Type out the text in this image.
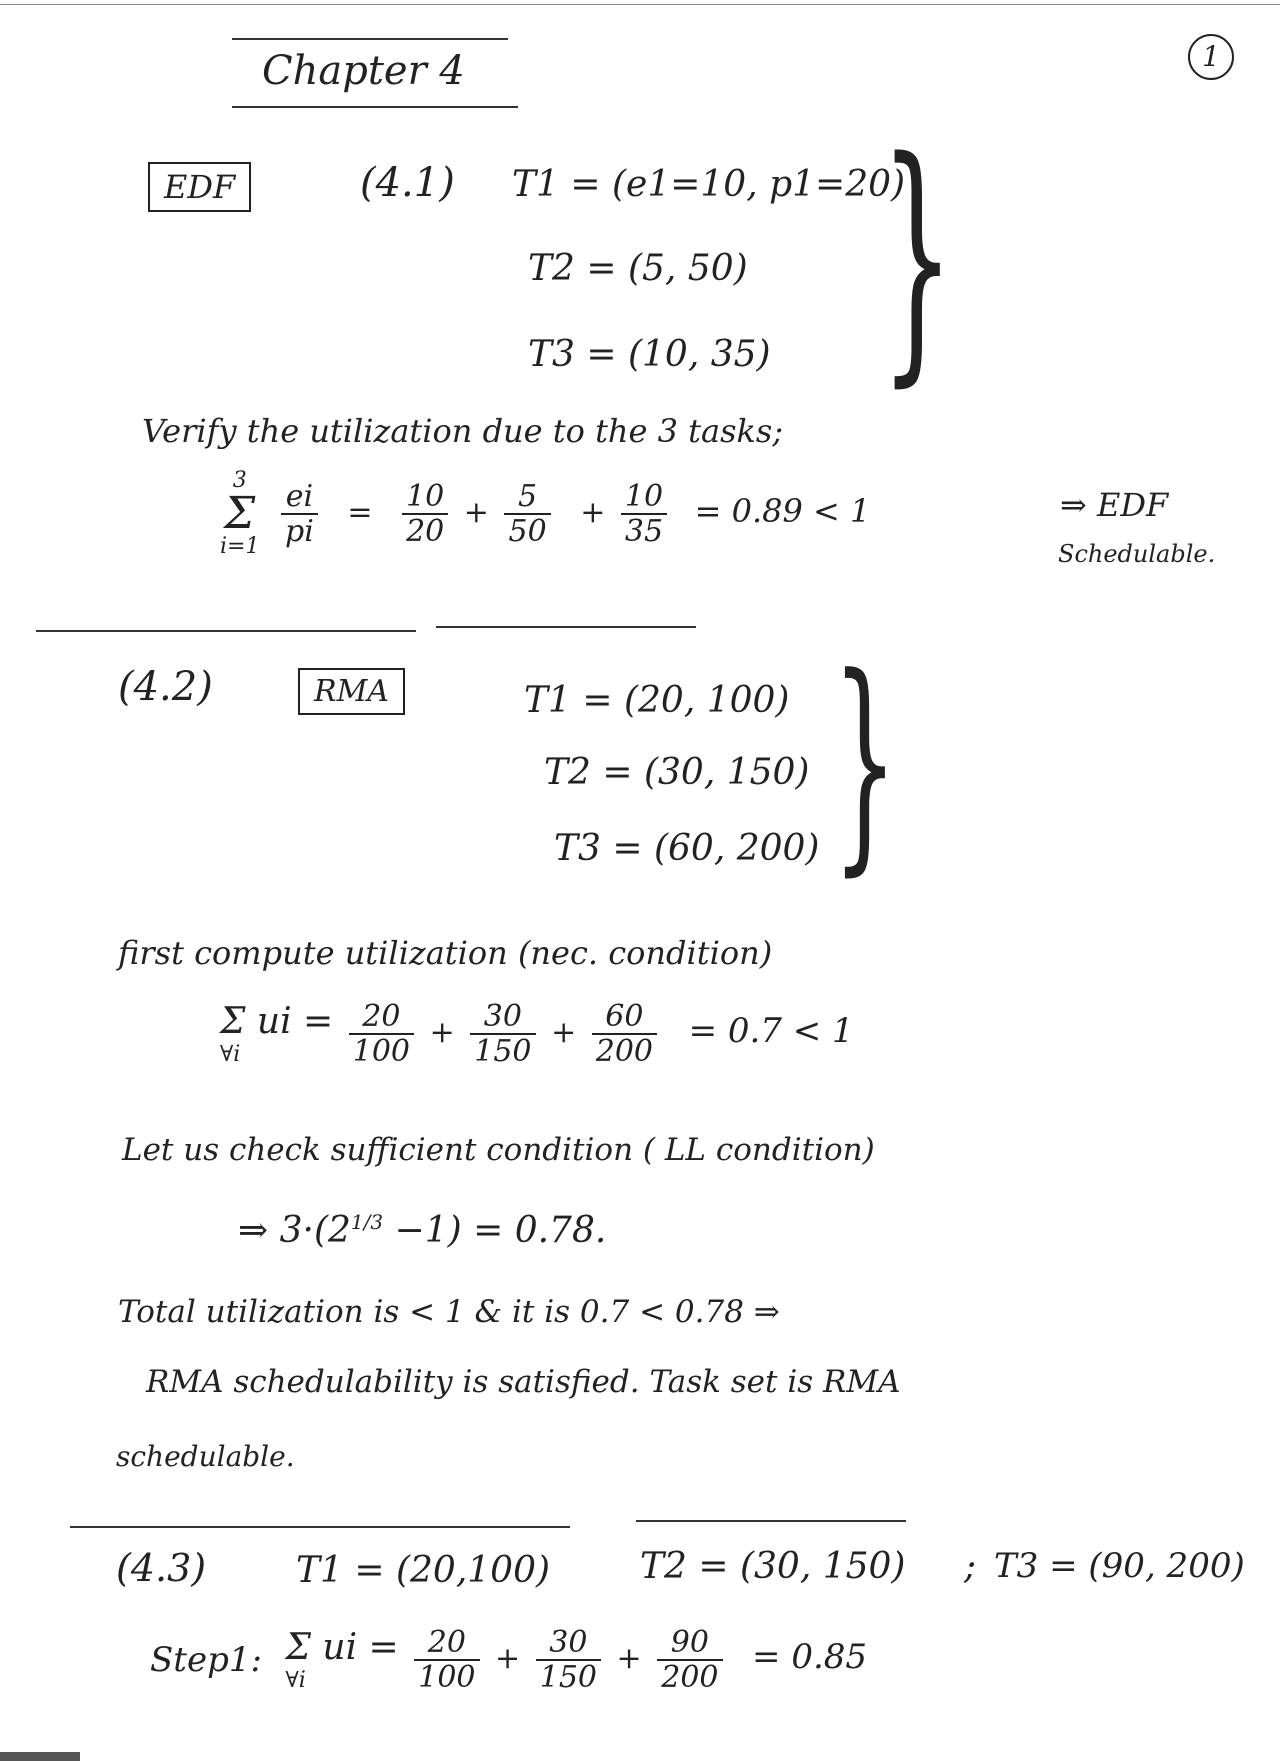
1
Chapter 4
EDF	(4.1) T1 = (e1=10, p1=20)
T2 = (5, 50)
T3 = (10, 35) }
Verify the utilization due to the 3 tasks;
3
Σ
i=1
$\frac{ei}{pi} = \frac{10}{20} + \frac{5}{50} + \frac{10}{35} = 0.89 < 1$	⇒ EDF
Schedulable.
(4.2)	RMA	T1 = (20, 100)
T2 = (30, 150)
T3 = (60, 200) }
first compute utilization (nec. condition)
Σ ui =
∀i
	$\frac{20}{100} + \frac{30}{150} + \frac{60}{200} = 0.7 < 1$
Let us check sufficient condition ( LL condition)
⇒ $3\cdot(2^{1/3} -1) = 0.78$.
Total utilization is < 1 & it is 0.7 < 0.78 ⇒
RMA schedulability is satisfied. Task set is RMA
schedulable.
(4.3) T1 = (20,100) T2 = (30, 150) ; T3 = (90, 200)
Step1: Σ ui =
∀i
	$\frac{20}{100} + \frac{30}{150} + \frac{90}{200} = 0.85$
